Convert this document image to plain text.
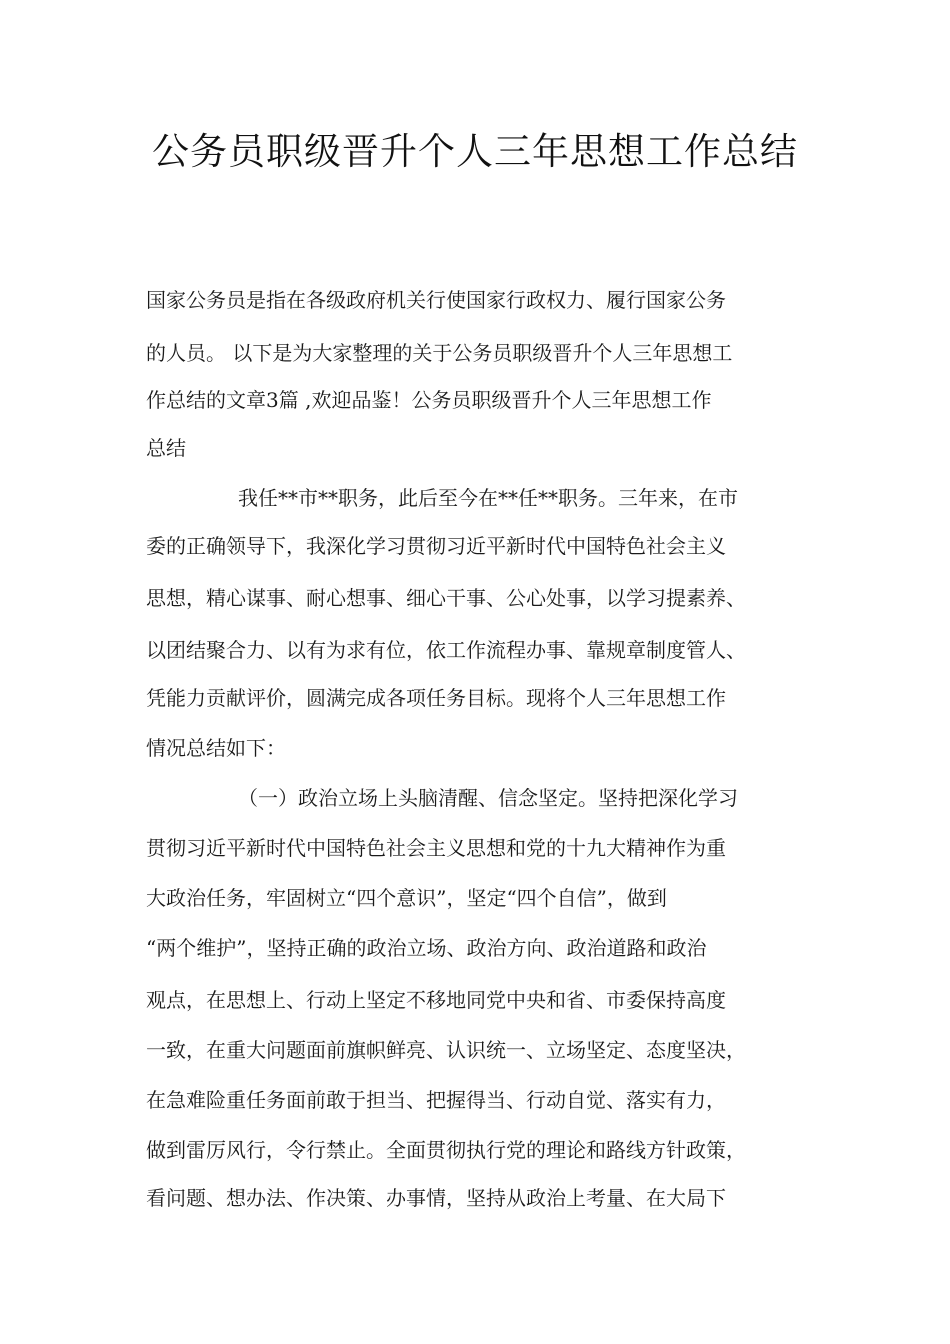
公务员职级晋升个人三年思想工作总结

国家公务员是指在各级政府机关行使国家行政权力、履行国家公务

的人员。 以下是为大家整理的关于公务员职级晋升个人三年思想工

作总结的文章3篇 ,欢迎品鉴！公务员职级晋升个人三年思想工作

总结

我任**市**职务，此后至今在**任**职务。三年来，在市

委的正确领导下，我深化学习贯彻习近平新时代中国特色社会主义

思想，精心谋事、耐心想事、细心干事、公心处事，以学习提素养、

以团结聚合力、以有为求有位，依工作流程办事、靠规章制度管人、

凭能力贡献评价，圆满完成各项任务目标。现将个人三年思想工作

情况总结如下：

（一）政治立场上头脑清醒、信念坚定。坚持把深化学习

贯彻习近平新时代中国特色社会主义思想和党的十九大精神作为重

大政治任务，牢固树立“四个意识”，坚定“四个自信”，做到

“两个维护”，坚持正确的政治立场、政治方向、政治道路和政治

观点，在思想上、行动上坚定不移地同党中央和省、市委保持高度

一致，在重大问题面前旗帜鲜亮、认识统一、立场坚定、态度坚决，

在急难险重任务面前敢于担当、把握得当、行动自觉、落实有力，

做到雷厉风行，令行禁止。全面贯彻执行党的理论和路线方针政策，

看问题、想办法、作决策、办事情，坚持从政治上考量、在大局下
